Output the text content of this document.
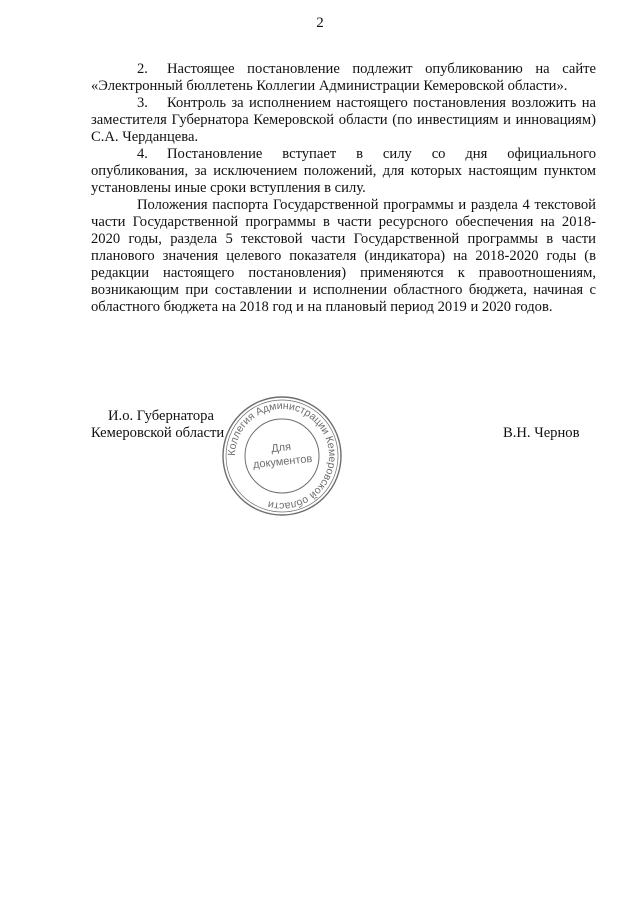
2

2. Настоящее постановление подлежит опубликованию на сайте «Электронный бюллетень Коллегии Администрации Кемеровской области».

3. Контроль за исполнением настоящего постановления возложить на заместителя Губернатора Кемеровской области (по инвестициям и инновациям) С.А. Черданцева.

4. Постановление вступает в силу со дня официального опубликования, за исключением положений, для которых настоящим пунктом установлены иные сроки вступления в силу.

Положения паспорта Государственной программы и раздела 4 текстовой части Государственной программы в части ресурсного обеспечения на 2018-2020 годы, раздела 5 текстовой части Государственной программы в части планового значения целевого показателя (индикатора) на 2018-2020 годы (в редакции настоящего постановления) применяются к правоотношениям, возникающим при составлении и исполнении областного бюджета, начиная с областного бюджета на 2018 год и на плановый период 2019 и 2020 годов.

И.о. Губернатора
Кемеровской области	В.Н. Чернов
Коллегия Администрации Кемеровской области
Для
документов
